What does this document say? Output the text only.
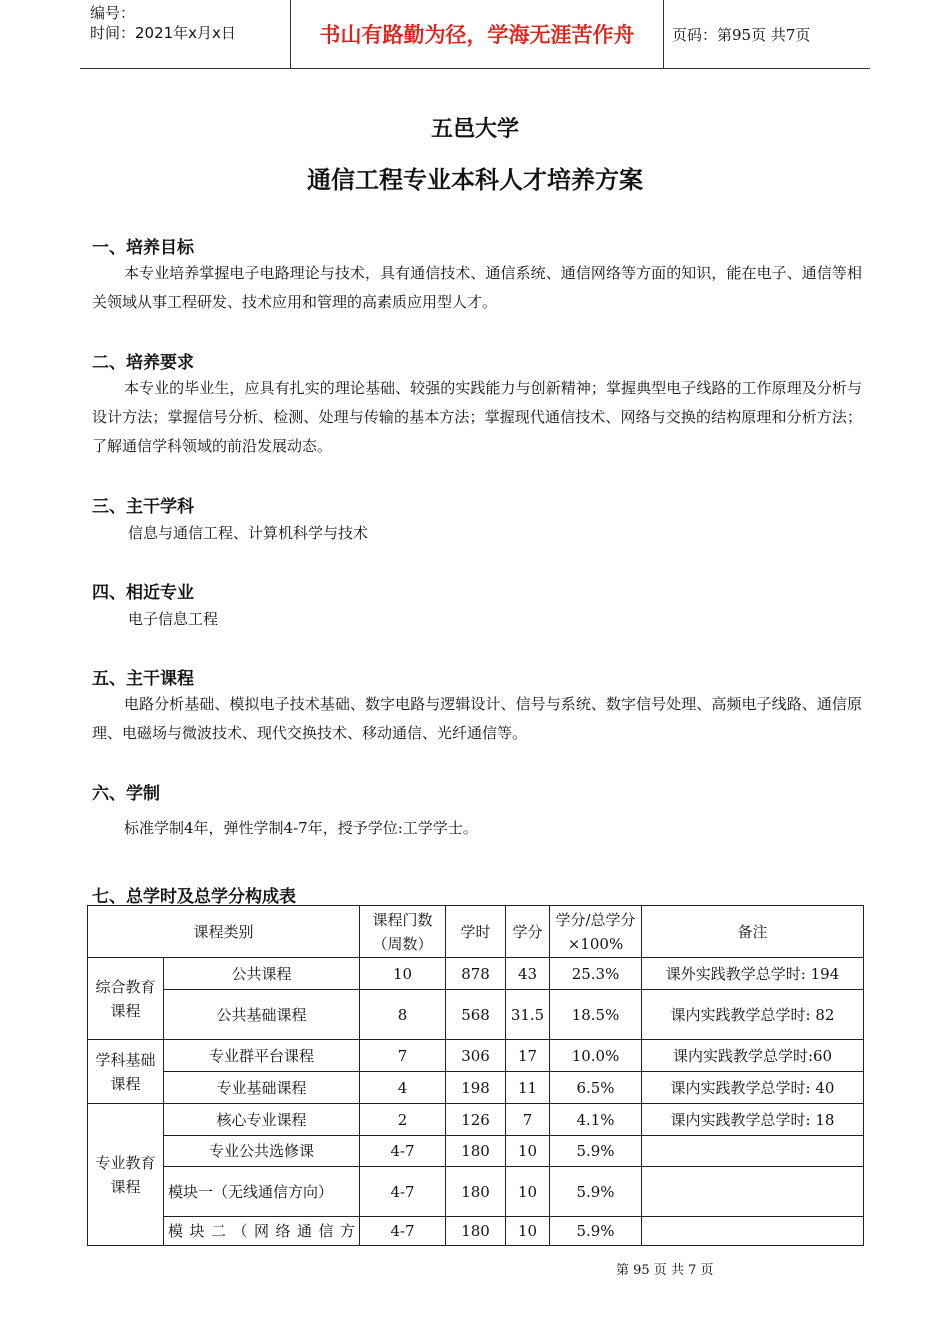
编号：
时间：2021年x月x日	书山有路勤为径，学海无涯苦作舟	页码：第95页 共7页
五邑大学
通信工程专业本科人才培养方案
一、培养目标
本专业培养掌握电子电路理论与技术，具有通信技术、通信系统、通信网络等方面的知识，能在电子、通信等相关领域从事工程研发、技术应用和管理的高素质应用型人才。
二、培养要求
本专业的毕业生，应具有扎实的理论基础、较强的实践能力与创新精神；掌握典型电子线路的工作原理及分析与设计方法；掌握信号分析、检测、处理与传输的基本方法；掌握现代通信技术、网络与交换的结构原理和分析方法；了解通信学科领域的前沿发展动态。
三、主干学科
信息与通信工程、计算机科学与技术
四、相近专业
电子信息工程
五、主干课程
电路分析基础、模拟电子技术基础、数字电路与逻辑设计、信号与系统、数字信号处理、高频电子线路、通信原理、电磁场与微波技术、现代交换技术、移动通信、光纤通信等。
六、学制
标准学制4年，弹性学制4-7年，授予学位:工学学士。
七、总学时及总学分构成表
课程类别		课程门数（周数）	学时	学分	学分/总学分×100%	备注
综合教育课程	公共课程	10	878	43	25.3%	课外实践教学总学时: 194
	公共基础课程	8	568	31.5	18.5%	课内实践教学总学时: 82
学科基础课程	专业群平台课程	7	306	17	10.0%	课内实践教学总学时:60
	专业基础课程	4	198	11	6.5%	课内实践教学总学时: 40
专业教育课程	核心专业课程	2	126	7	4.1%	课内实践教学总学时: 18
	专业公共选修课	4-7	180	10	5.9%	
	模块一（无线通信方向）	4-7	180	10	5.9%	
	模块二（网络通信方	4-7	180	10	5.9%	
第 95 页 共 7 页
